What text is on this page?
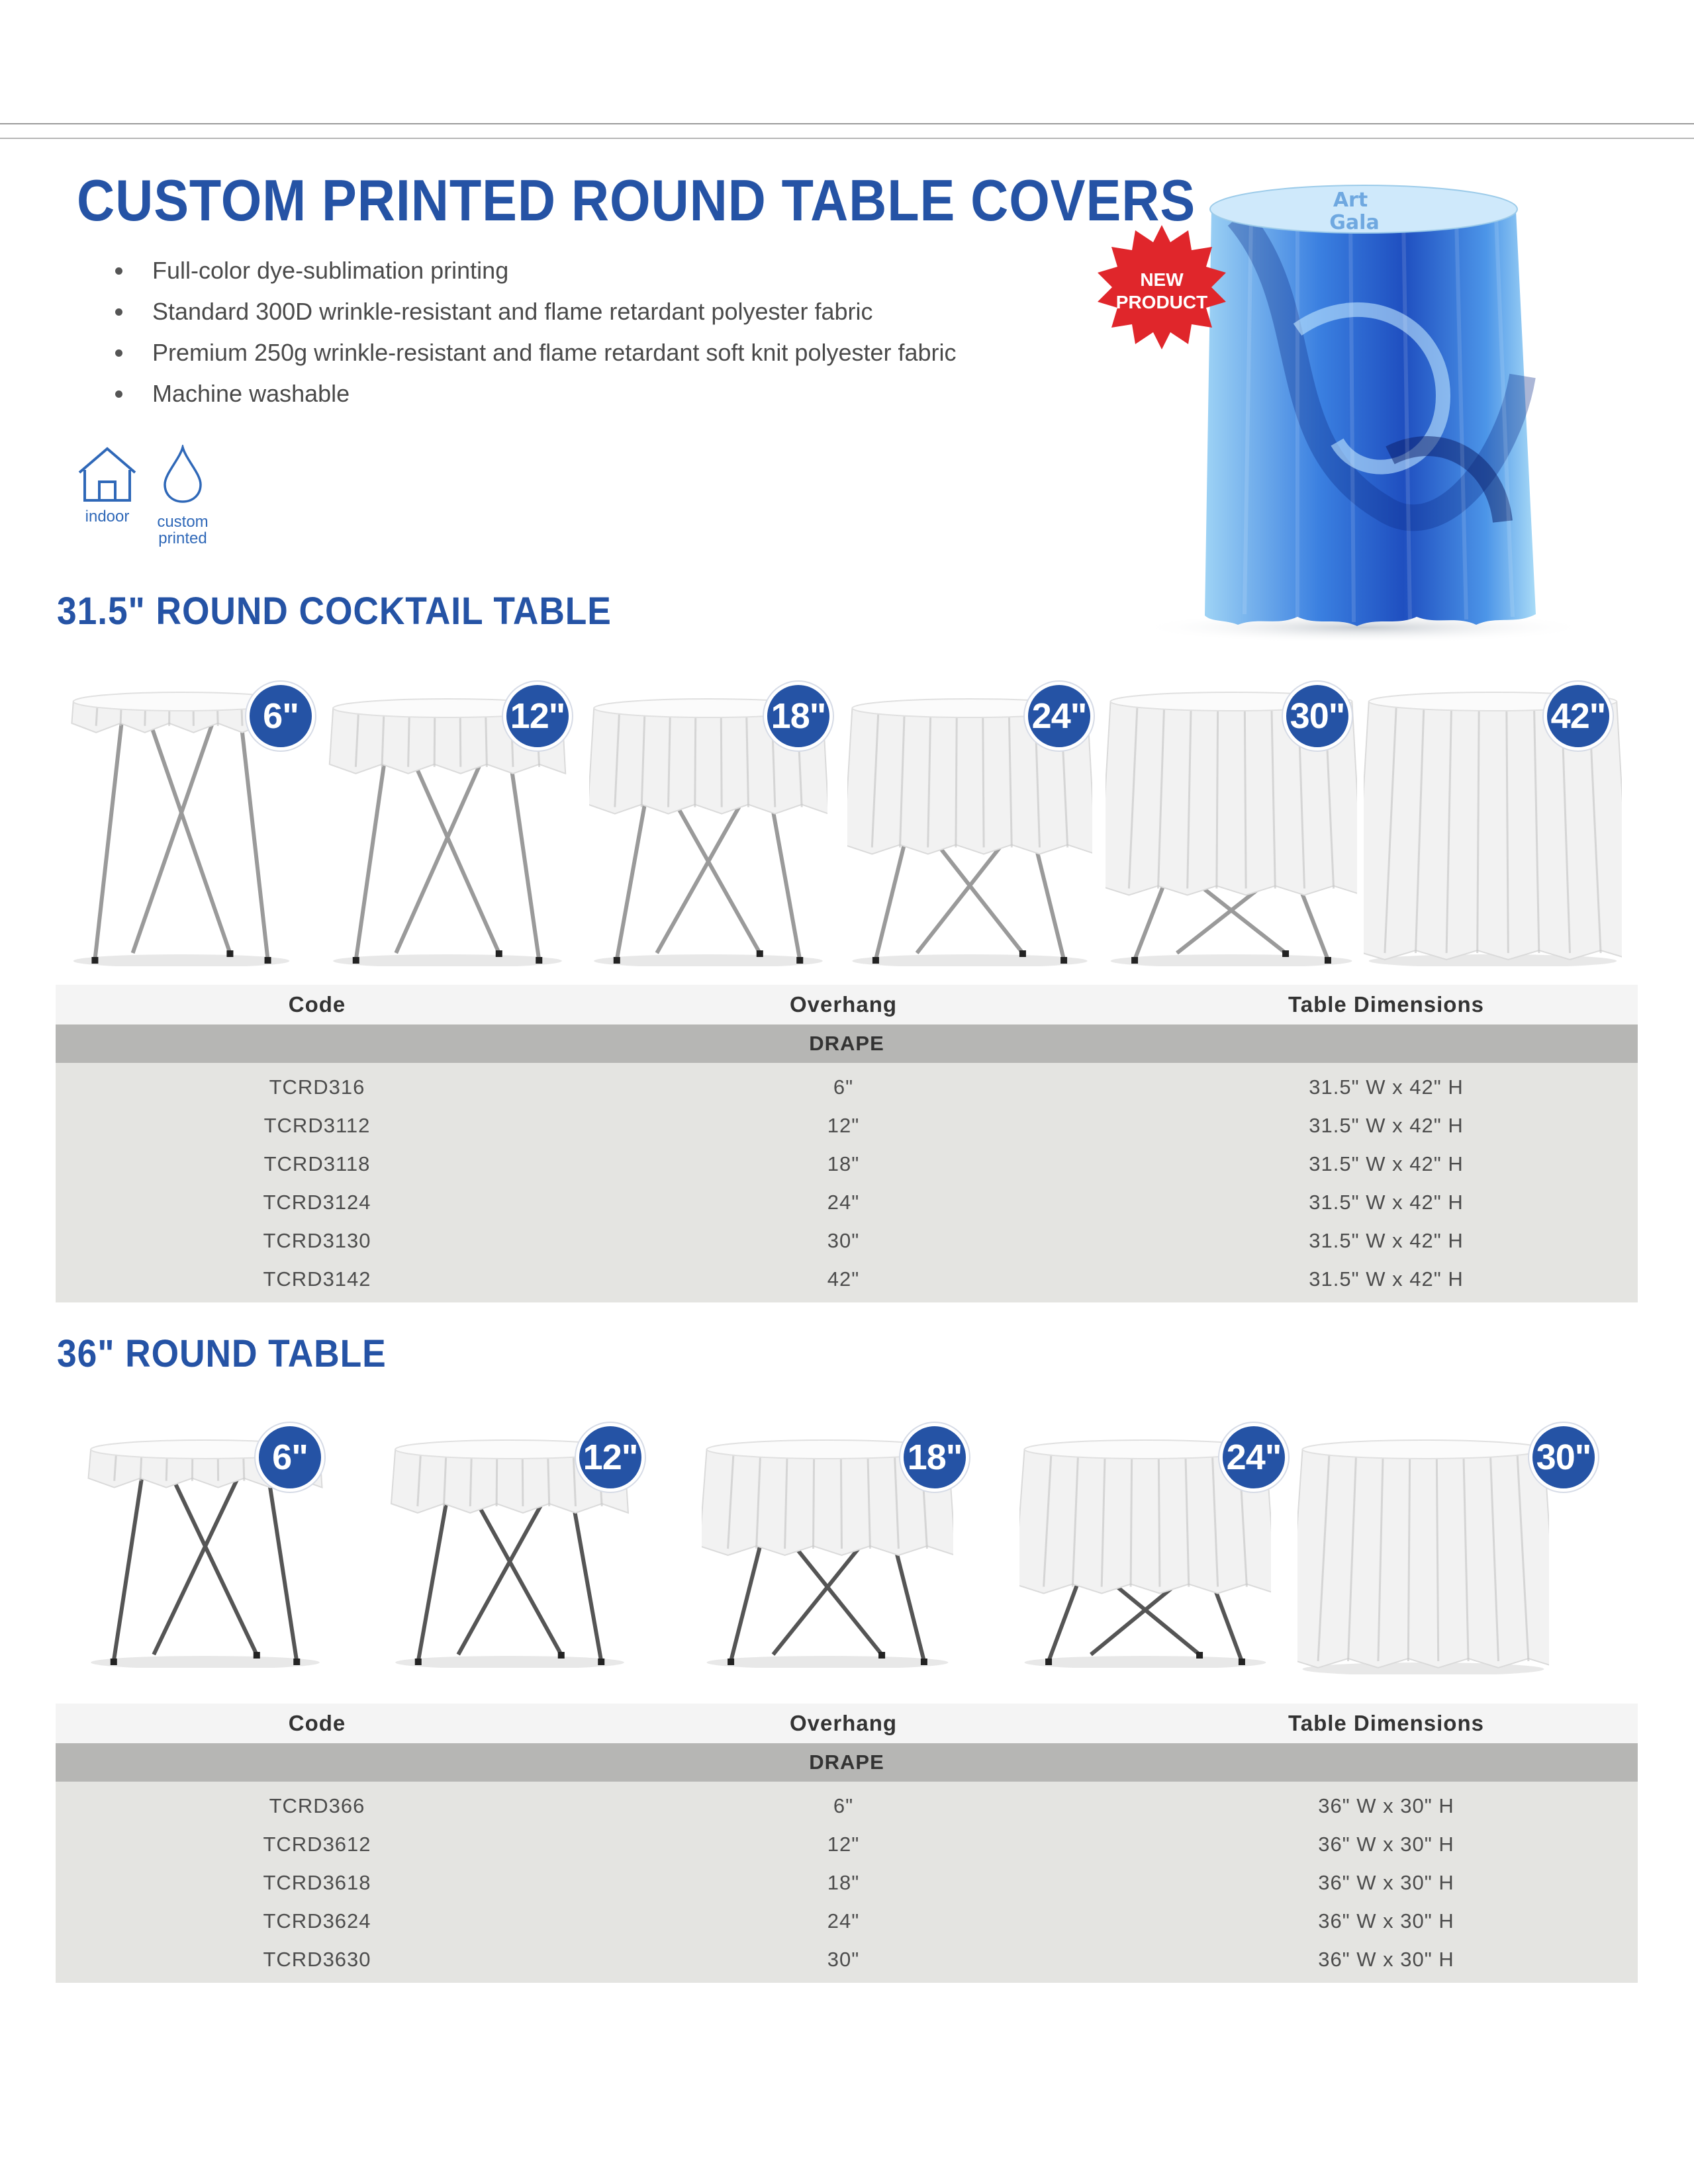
CUSTOM PRINTED ROUND TABLE COVERS
Full-color dye-sublimation printing
Standard 300D wrinkle-resistant and flame retardant polyester fabric
Premium 250g wrinkle-resistant and flame retardant soft knit polyester fabric
Machine washable
indoor	custom
printed
Art
Gala
NEW
PRODUCT
31.5" ROUND COCKTAIL TABLE
6"	12"	18"	24"	30"	42"
Code	Overhang	Table Dimensions
DRAPE
TCRD316	6"	31.5" W x 42" H
TCRD3112	12"	31.5" W x 42" H
TCRD3118	18"	31.5" W x 42" H
TCRD3124	24"	31.5" W x 42" H
TCRD3130	30"	31.5" W x 42" H
TCRD3142	42"	31.5" W x 42" H
36" ROUND TABLE
6"	12"	18"	24"	30"
Code	Overhang	Table Dimensions
DRAPE
TCRD366	6"	36" W x 30" H
TCRD3612	12"	36" W x 30" H
TCRD3618	18"	36" W x 30" H
TCRD3624	24"	36" W x 30" H
TCRD3630	30"	36" W x 30" H
